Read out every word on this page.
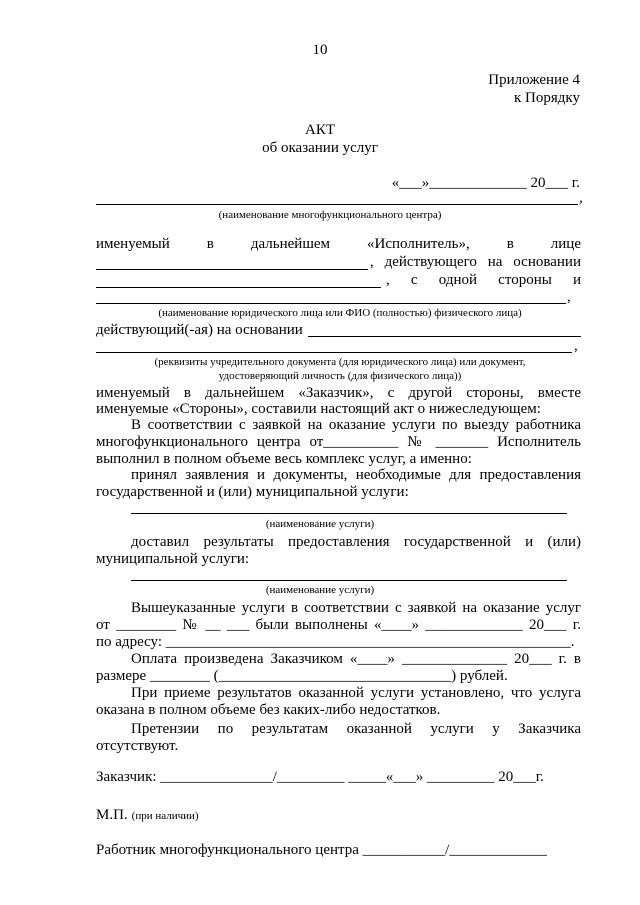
10
Приложение 4
к Порядку
АКТ
об оказании услуг
«___»_____________ 20___ г.
,
(наименование многофункционального центра)
именуемый в дальнейшем «Исполнитель», в лице
, действующего на основании
, с одной стороны и
,
(наименование юридического лица или ФИО (полностью) физического лица)
действующий(-ая) на основании
,
(реквизиты учредительного документа (для юридического лица) или документ,
удостоверяющий личность (для физического лица))
именуемый в дальнейшем «Заказчик», с другой стороны, вместе
именуемые «Стороны», составили настоящий акт о нижеследующем:
В соответствии с заявкой на оказание услуги по выезду работника
многофункционального центра от__________ № _______ Исполнитель
выполнил в полном объеме весь комплекс услуг, а именно:
принял заявления и документы, необходимые для предоставления
государственной и (или) муниципальной услуги:
(наименование услуги)
доставил результаты предоставления государственной и (или)
муниципальной услуги:
(наименование услуги)
Вышеуказанные услуги в соответствии с заявкой на оказание услуг
от ________ № __ ___ были выполнены «____» _____________ 20___ г.
по адресу: ______________________________________________________.
Оплата произведена Заказчиком «____» ______________ 20___ г. в
размере ________ (_______________________________) рублей.
При приеме результатов оказанной услуги установлено, что услуга
оказана в полном объеме без каких-либо недостатков.
Претензии по результатам оказанной услуги у Заказчика
отсутствуют.
Заказчик: _______________/_________ _____«___» _________ 20___г.
М.П. (при наличии)
Работник многофункционального центра ___________/_____________
